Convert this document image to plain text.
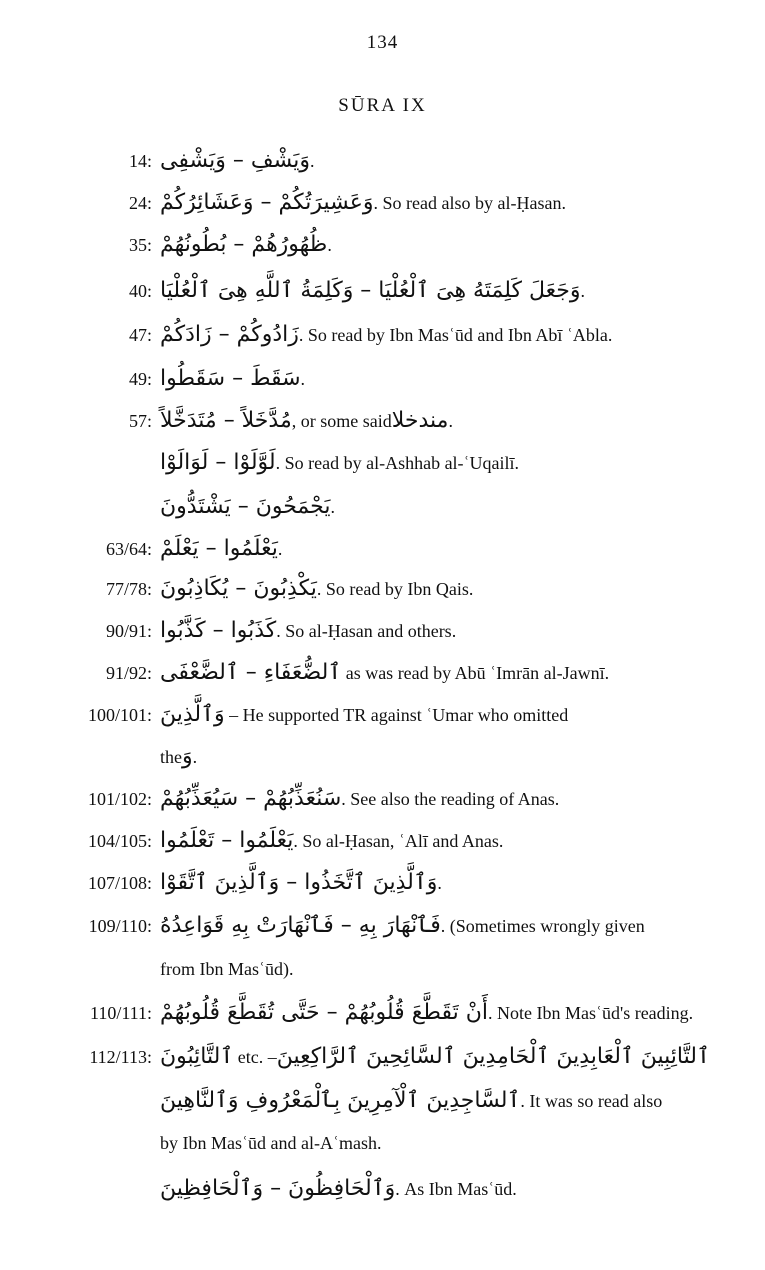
134
SŪRA IX
14: وَيَشْفِ – وَيَشْفِى.
24: وَعَشِيرَتُكُمْ – وَعَشَائِرُكُمْ. So read also by al-Ḥasan.
35: ظُهُورُهُمْ – بُطُونُهُمْ.
40: وَجَعَلَ كَلِمَتَهُ هِىَ ٱلْعُلْيَا – وَكَلِمَةُ ٱللَّهِ هِىَ ٱلْعُلْيَا.
47: زَادُوكُمْ – زَادَكُمْ. So read by Ibn Masʿūd and Ibn Abī ʿAbla.
49: سَقَطَ – سَقَطُوا.
57: مُدَّخَلاً – مُتَدَخَّلاً, or some saidمندخلا.
لَوَّلَوْا – لَوَالَوْا. So read by al-Ashhab al-ʿUqailī.
يَجْمَحُونَ – يَشْتَدُّونَ.
63/64: يَعْلَمُوا – يَعْلَمْ.
77/78: يَكْذِبُونَ – يُكَاذِبُونَ. So read by Ibn Qais.
90/91: كَذَبُوا – كَذَّبُوا. So al-Ḥasan and others.
91/92: ٱلضُّعَفَاءِ – ٱلضَّعْفَى as was read by Abū ʿImrān al-Jawnī.
100/101: وَٱلَّذِينَ – He supported TR against ʿUmar who omitted
theوَ.
101/102: سَنُعَذِّبُهُمْ – سَيُعَذِّبُهُمْ. See also the reading of Anas.
104/105: يَعْلَمُوا – تَعْلَمُوا. So al-Ḥasan, ʿAlī and Anas.
107/108: وَٱلَّذِينَ ٱتَّخَذُوا – وَٱلَّذِينَ ٱتَّقَوْا.
109/110: فَٱنْهَارَ بِهِ – فَٱنْهَارَتْ بِهِ قَوَاعِدُهُ. (Sometimes wrongly given
from Ibn Masʿūd).
110/111: أَنْ تَقَطَّعَ قُلُوبُهُمْ – حَتَّى تُقَطَّعَ قُلُوبُهُمْ. Note Ibn Masʿūd's reading.
112/113: ٱلتَّائِبُونَ etc. –ٱلتَّائِبِينَ ٱلْعَابِدِينَ ٱلْحَامِدِينَ ٱلسَّائِحِينَ ٱلرَّاكِعِينَ
ٱلسَّاجِدِينَ ٱلْآمِرِينَ بِٱلْمَعْرُوفِ وَٱلنَّاهِينَ. It was so read also
by Ibn Masʿūd and al-Aʿmash.
وَٱلْحَافِظُونَ – وَٱلْحَافِظِينَ. As Ibn Masʿūd.
